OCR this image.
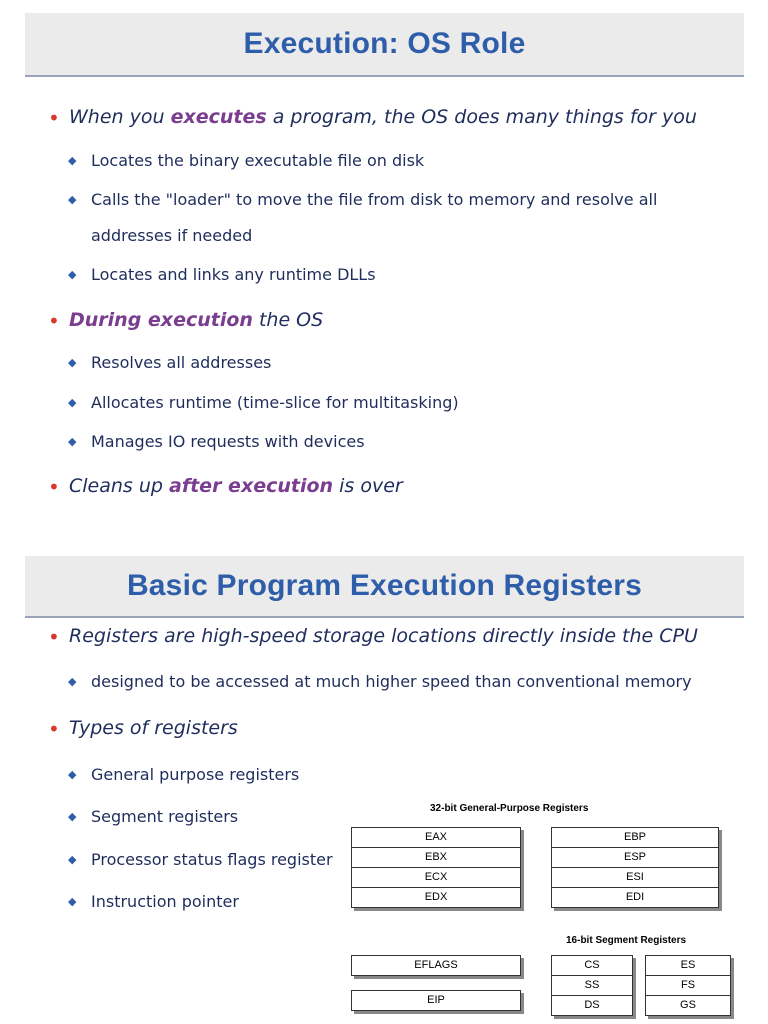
Execution: OS Role
• When you executes a program, the OS does many things for you
◆ Locates the binary executable file on disk
◆ Calls the "loader" to move the file from disk to memory and resolve all addresses if needed
◆ Locates and links any runtime DLLs
• During execution the OS
◆ Resolves all addresses
◆ Allocates runtime (time-slice for multitasking)
◆ Manages IO requests with devices
• Cleans up after execution is over
Basic Program Execution Registers
• Registers are high-speed storage locations directly inside the CPU
◆ designed to be accessed at much higher speed than conventional memory
• Types of registers
◆ General purpose registers
◆ Segment registers
◆ Processor status flags register
◆ Instruction pointer
32-bit General-Purpose Registers
EAX
EBX
ECX
EDX
EBP
ESP
ESI
EDI
16-bit Segment Registers
EFLAGS
EIP
CS
SS
DS
ES
FS
GS
